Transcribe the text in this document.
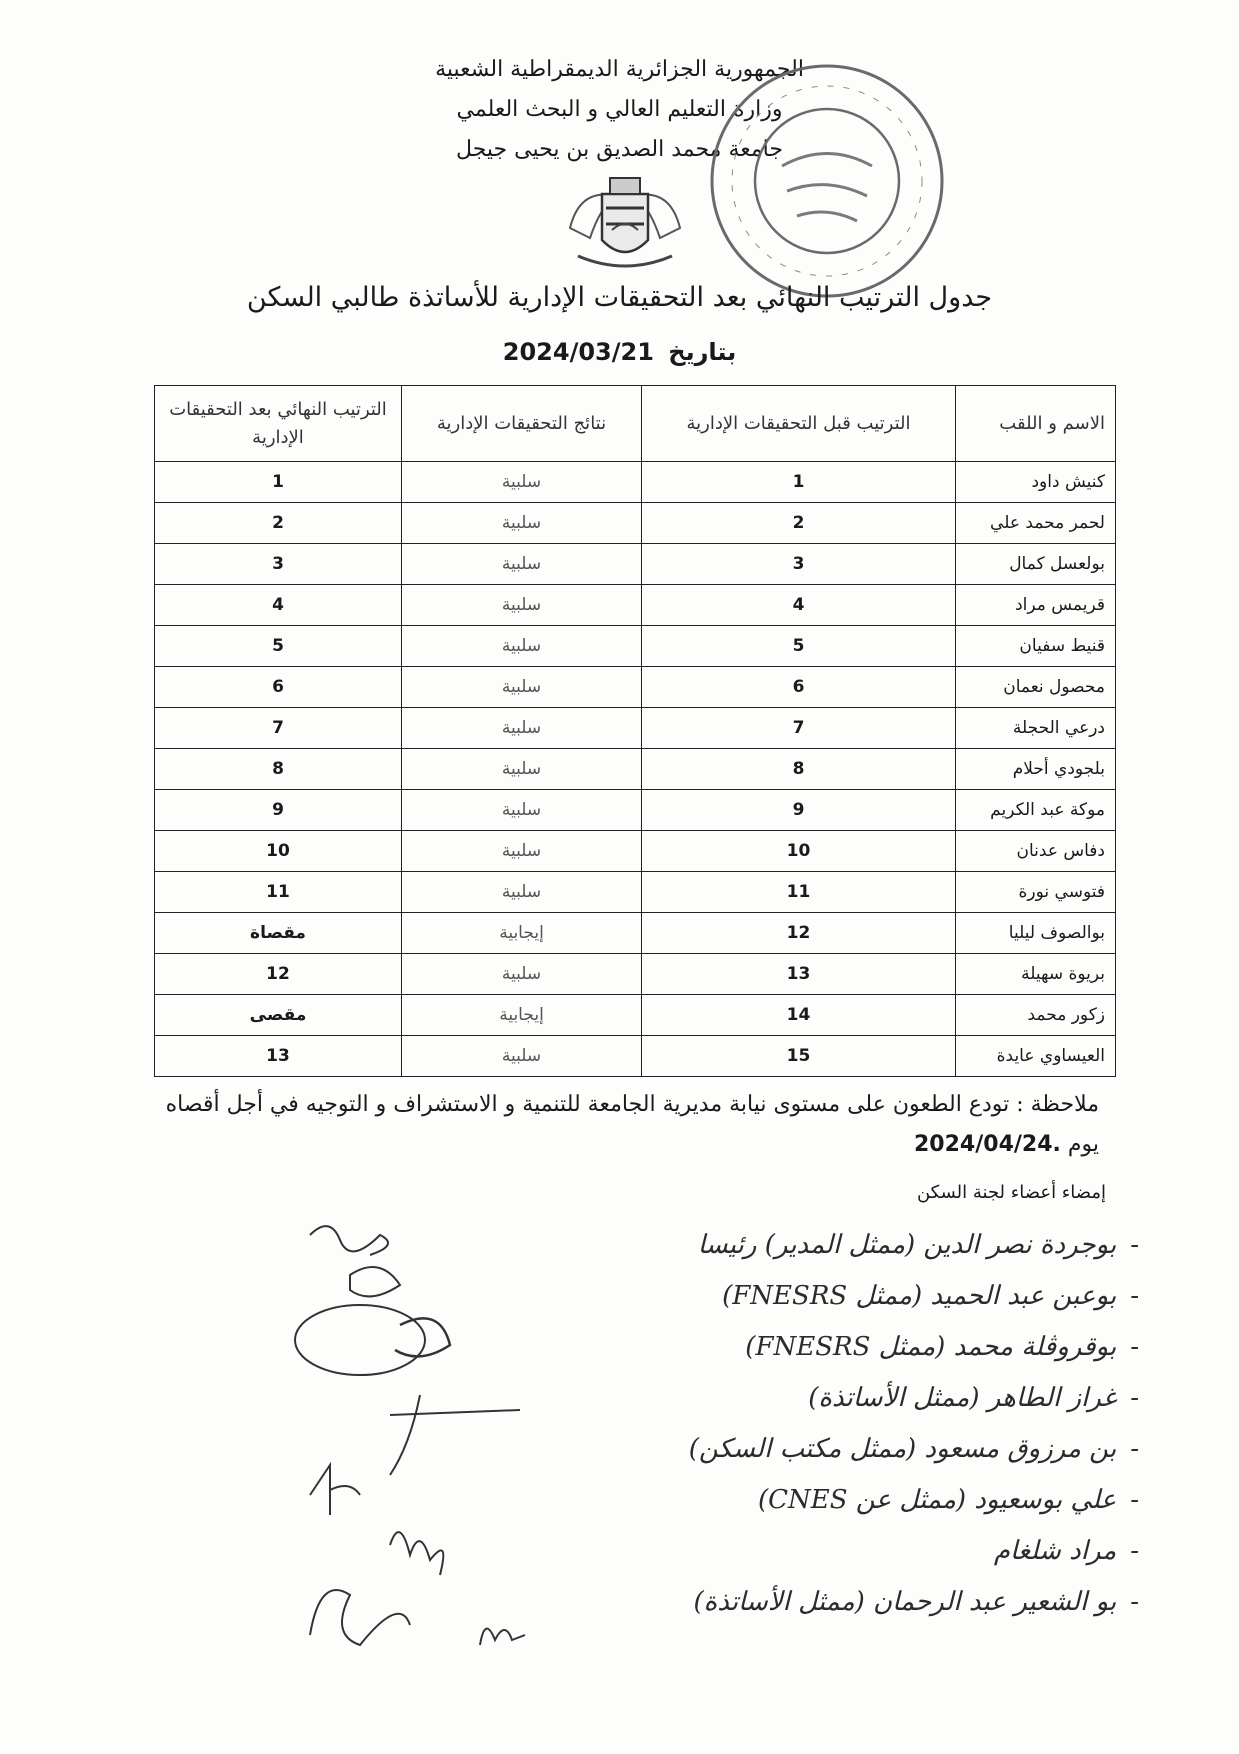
الجمهورية الجزائرية الديمقراطية الشعبية
وزارة التعليم العالي و البحث العلمي
جامعة محمد الصديق بن يحيى جيجل
جدول الترتيب النهائي بعد التحقيقات الإدارية للأساتذة طالبي السكن
بتاريخ 2024/03/21
الاسم و اللقب	الترتيب قبل التحقيقات الإدارية	نتائج التحقيقات الإدارية	الترتيب النهائي بعد التحقيقات الإدارية
كنيش داود	1	سلبية	1
لحمر محمد علي	2	سلبية	2
بولعسل كمال	3	سلبية	3
قريمس مراد	4	سلبية	4
قنيط سفيان	5	سلبية	5
محصول نعمان	6	سلبية	6
درعي الحجلة	7	سلبية	7
بلجودي أحلام	8	سلبية	8
موكة عبد الكريم	9	سلبية	9
دفاس عدنان	10	سلبية	10
فتوسي نورة	11	سلبية	11
بوالصوف ليليا	12	إيجابية	مقصاة
بريوة سهيلة	13	سلبية	12
زكور محمد	14	إيجابية	مقصى
العيساوي عايدة	15	سلبية	13
ملاحظة : تودع الطعون على مستوى نيابة مديرية الجامعة للتنمية و الاستشراف و التوجيه في أجل أقصاه يوم 2024/04/24.
إمضاء أعضاء لجنة السكن
-بوجردة نصر الدين (ممثل المدير) رئيسا
-بوعبن عبد الحميد (ممثل FNESRS)
-بوقروڤلة محمد (ممثل FNESRS)
-غراز الطاهر (ممثل الأساتذة)
-بن مرزوق مسعود (ممثل مكتب السكن)
-علي بوسعيود (ممثل عن CNES)
-مراد شلغام
-بو الشعير عبد الرحمان (ممثل الأساتذة)
